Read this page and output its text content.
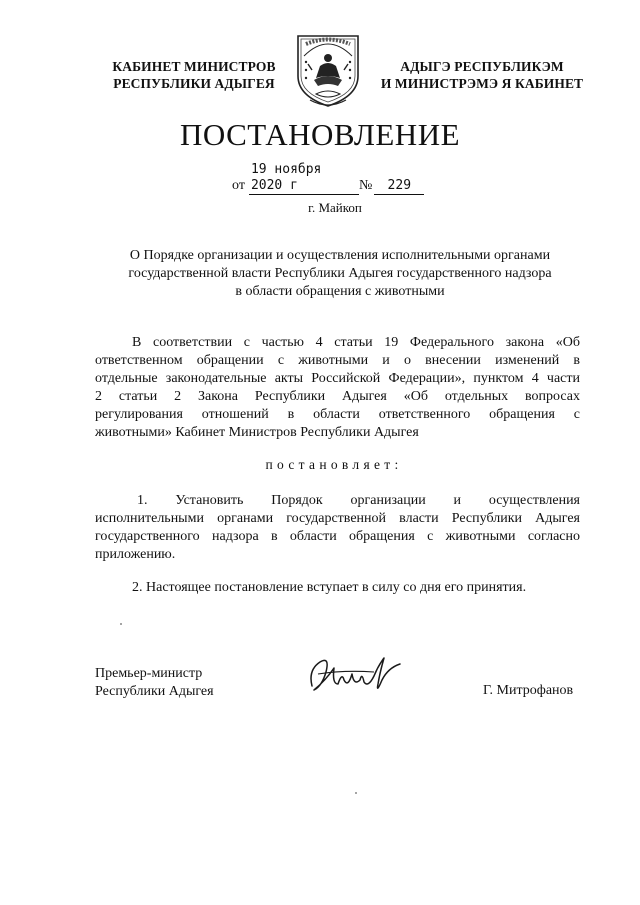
КАБИНЕТ МИНИСТРОВ
РЕСПУБЛИКИ АДЫГЕЯ
АДЫГЭ РЕСПУБЛИКЭМ
И МИНИСТРЭМЭ Я КАБИНЕТ
ПОСТАНОВЛЕНИЕ
от19 ноября 2020 г	№ 229
г. Майкоп
О Порядке организации и осуществления исполнительными органами
государственной власти Республики Адыгея государственного надзора
в области обращения с животными
В соответствии с частью 4 статьи 19 Федерального закона «Об
ответственном обращении с животными и о внесении изменений в
отдельные законодательные акты Российской Федерации», пунктом 4 части
2 статьи 2 Закона Республики Адыгея «Об отдельных вопросах
регулирования отношений в области ответственного обращения с
животными» Кабинет Министров Республики Адыгея
постановляет:
1. Установить Порядок организации и осуществления
исполнительными органами государственной власти Республики Адыгея
государственного надзора в области обращения с животными согласно
приложению.
2. Настоящее постановление вступает в силу со дня его принятия.
Премьер-министр
Республики Адыгея	Г. Митрофанов
